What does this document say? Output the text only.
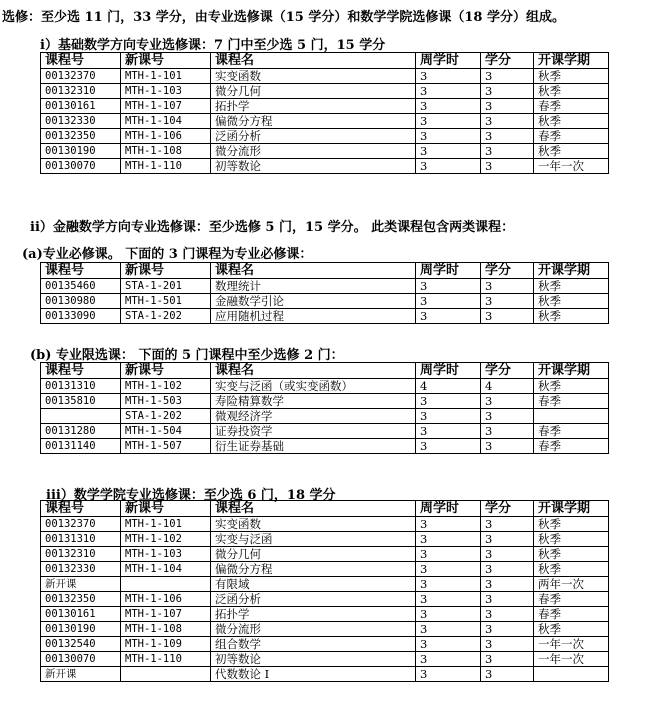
选修：至少选 11 门，33 学分，由专业选修课（15 学分）和数学学院选修课（18 学分）组成。
i）基础数学方向专业选修课：7 门中至少选 5 门，15 学分
课程号	新课号	课程名	周学时	学分	开课学期
00132370	MTH-1-101	实变函数	3	3	秋季
00132310	MTH-1-103	微分几何	3	3	秋季
00130161	MTH-1-107	拓扑学	3	3	春季
00132330	MTH-1-104	偏微分方程	3	3	秋季
00132350	MTH-1-106	泛函分析	3	3	春季
00130190	MTH-1-108	微分流形	3	3	秋季
00130070	MTH-1-110	初等数论	3	3	一年一次
ii）金融数学方向专业选修课：至少选修 5 门，15 学分。 此类课程包含两类课程：
(a)专业必修课。 下面的 3 门课程为专业必修课：
课程号	新课号	课程名	周学时	学分	开课学期
00135460	STA-1-201	数理统计	3	3	秋季
00130980	MTH-1-501	金融数学引论	3	3	秋季
00133090	STA-1-202	应用随机过程	3	3	秋季
(b) 专业限选课： 下面的 5 门课程中至少选修 2 门：
课程号	新课号	课程名	周学时	学分	开课学期
00131310	MTH-1-102	实变与泛函（或实变函数）	4	4	秋季
00135810	MTH-1-503	寿险精算数学	3	3	春季
	STA-1-202	微观经济学	3	3	
00131280	MTH-1-504	证券投资学	3	3	春季
00131140	MTH-1-507	衍生证券基础	3	3	春季
iii）数学学院专业选修课：至少选 6 门，18 学分
课程号	新课号	课程名	周学时	学分	开课学期
00132370	MTH-1-101	实变函数	3	3	秋季
00131310	MTH-1-102	实变与泛函	3	3	秋季
00132310	MTH-1-103	微分几何	3	3	秋季
00132330	MTH-1-104	偏微分方程	3	3	秋季
新开课		有限域	3	3	两年一次
00132350	MTH-1-106	泛函分析	3	3	春季
00130161	MTH-1-107	拓扑学	3	3	春季
00130190	MTH-1-108	微分流形	3	3	秋季
00132540	MTH-1-109	组合数学	3	3	一年一次
00130070	MTH-1-110	初等数论	3	3	一年一次
新开课		代数数论 I	3	3	
